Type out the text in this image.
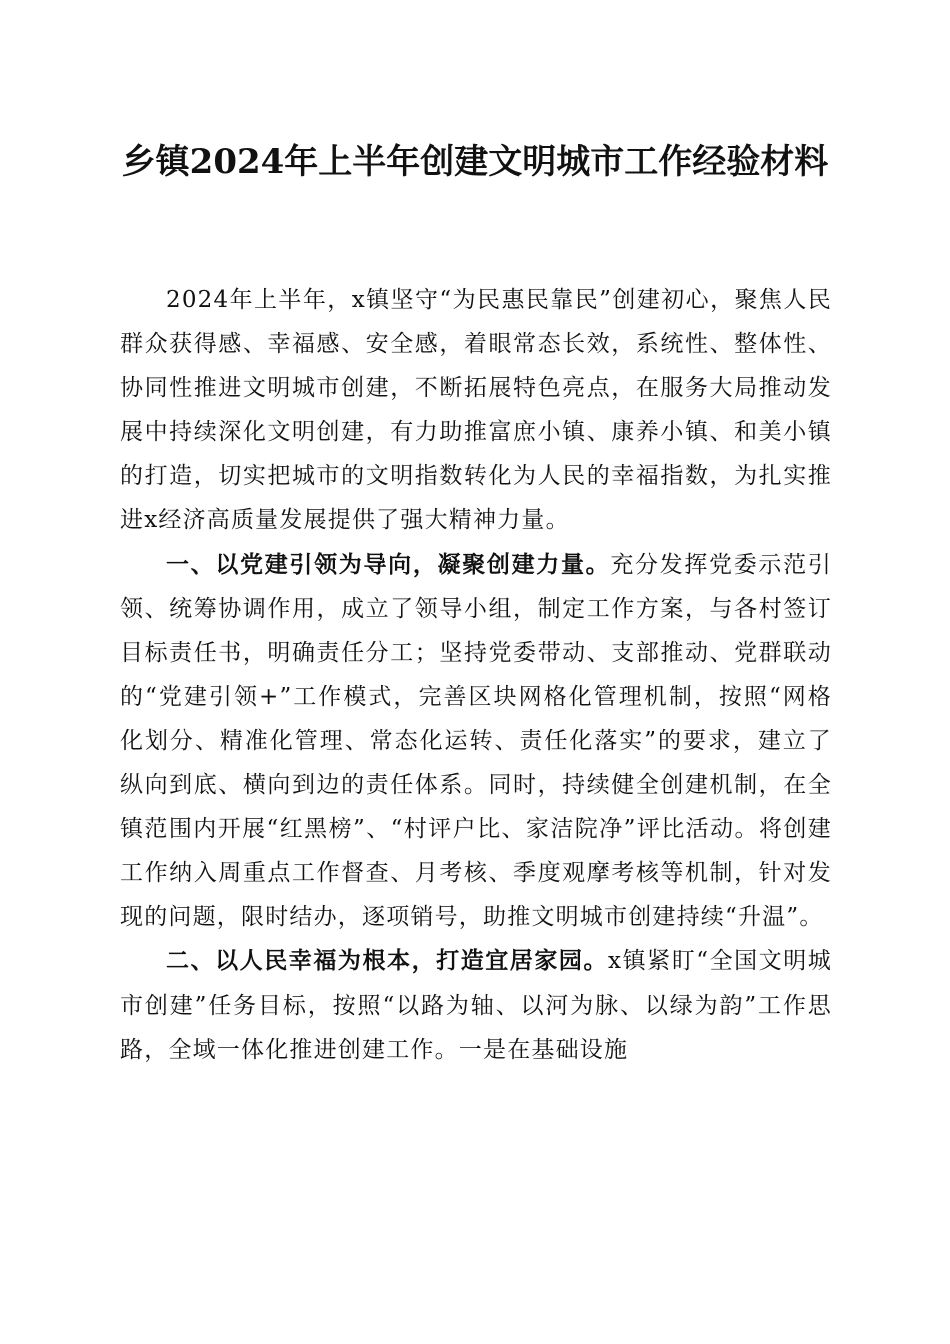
乡镇2024年上半年创建文明城市工作经验材料

2024年上半年，x镇坚守“为民惠民靠民”创建初心，聚焦人民群众获得感、幸福感、安全感，着眼常态长效，系统性、整体性、协同性推进文明城市创建，不断拓展特色亮点，在服务大局推动发展中持续深化文明创建，有力助推富庶小镇、康养小镇、和美小镇的打造，切实把城市的文明指数转化为人民的幸福指数，为扎实推进x经济高质量发展提供了强大精神力量。

一、以党建引领为导向，凝聚创建力量。充分发挥党委示范引领、统筹协调作用，成立了领导小组，制定工作方案，与各村签订目标责任书，明确责任分工；坚持党委带动、支部推动、党群联动的“党建引领+”工作模式，完善区块网格化管理机制，按照“网格化划分、精准化管理、常态化运转、责任化落实”的要求，建立了纵向到底、横向到边的责任体系。同时，持续健全创建机制，在全镇范围内开展“红黑榜”、“村评户比、家洁院净”评比活动。将创建工作纳入周重点工作督查、月考核、季度观摩考核等机制，针对发现的问题，限时结办，逐项销号，助推文明城市创建持续“升温”。

二、以人民幸福为根本，打造宜居家园。x镇紧盯“全国文明城市创建”任务目标，按照“以路为轴、以河为脉、以绿为韵”工作思路，全域一体化推进创建工作。一是在基础设施
